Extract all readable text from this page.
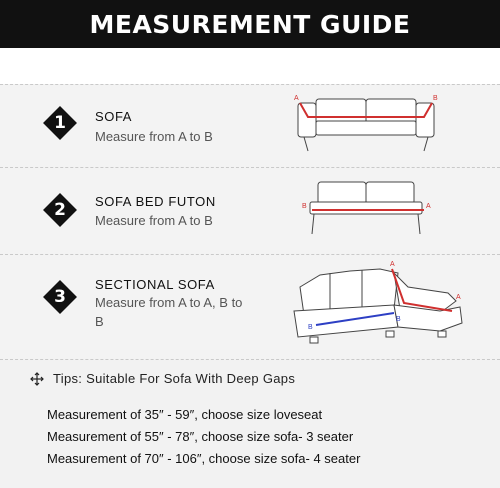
MEASUREMENT GUIDE
1	SOFA
Measure from A to B
A	B
2	SOFA BED FUTON
Measure from A to B
B	A
3
SECTIONAL SOFA
Measure from A to A, B to B
A
A
B
B
Tips: Suitable For Sofa With Deep Gaps
Measurement of 35″ - 59″, choose size loveseat
Measurement of 55″ - 78″, choose size sofa- 3 seater
Measurement of 70″ - 106″, choose size sofa- 4 seater
